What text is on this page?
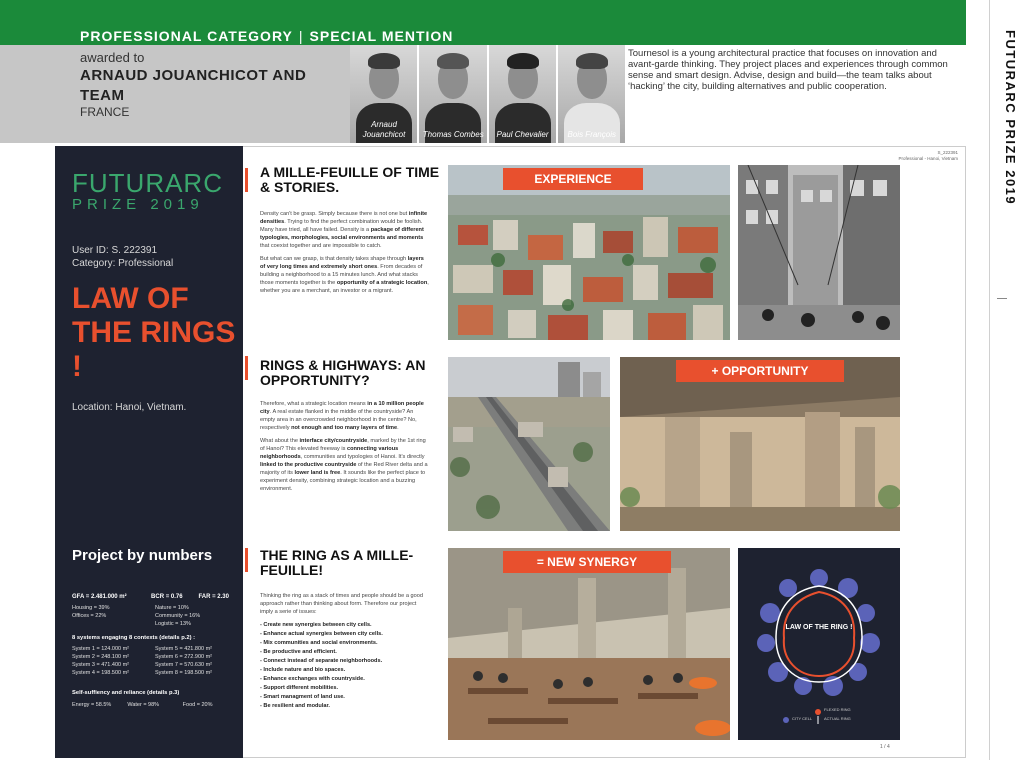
PROFESSIONAL CATEGORY | SPECIAL MENTION
awarded to
ARNAUD JOUANCHICOT AND TEAM
FRANCE
Arnaud Jouanchicot	Thomas Combes	Paul Chevalier	Bois François
Tournesol is a young architectural practice that focuses on innovation and avant-garde thinking. They project places and experiences through common sense and smart design. Advise, design and build—the team talks about ‘hacking’ the city, building alternatives and public cooperation.	FUTURARC PRIZE 2019
FUTURARC
PRIZE 2019
User ID: S. 222391
Category: Professional
LAW OF THE RINGS !
Location: Hanoi, Vietnam.
Project by numbers
GFA = 2.481.000 m²	BCR = 0.76	FAR = 2.30
Housing = 39%	Nature = 10%
Offices = 22%	Community = 16%
Logistic = 13%
8 systems engaging 8 contexts (details p.2) :
System 1 = 124.000 m²	System 5 = 421.800 m²
System 2 = 248.100 m²	System 6 = 272.900 m²
System 3 = 471.400 m²	System 7 = 570.630 m²
System 4 = 198.500 m²	System 8 = 198.500 m²
Self-suffiency and reliance (details p.3)
Energy = 58.5%	Water = 98%	Food = 20%
A MILLE-FEUILLE OF TIME & STORIES.

Density can't be grasp. Simply because there is not one but infinite densities. Trying to find the perfect combination would be foolish. Many have tried, all have failed. Density is a package of different typologies, morphologies, social environments and moments that coexist together and are impossible to catch.

But what can we grasp, is that density takes shape through layers of very long times and extremely short ones. From decades of building a neighborhood to a 15 minutes lunch. And what stacks those moments together is the opportunity of a strategic location, whether you are a merchant, an investor or a migrant.

RINGS & HIGHWAYS: AN OPPORTUNITY?

Therefore, what a strategic location means in a 10 million people city. A real estate flanked in the middle of the countryside? An empty area in an overcrowded neighborhood in the centre? No, respectively not enough and too many layers of time.

What about the interface city/countryside, marked by the 1st ring of Hanoi? This elevated freeway is connecting various neighborhoods, communities and typologies of Hanoi. It's directly linked to the productive countryside of the Red River delta and a majority of its lower land is free. It sounds like the perfect place to experiment density, combining strategic location and a buzzing environment.

THE RING AS A MILLE-FEUILLE!

Thinking the ring as a stack of times and people should be a good approach rather than thinking about form. Therefore our project imply a serie of issues:

- Create new synergies between city cells.
- Enhance actual synergies between city cells.
- Mix communities and social environments.
- Be productive and efficient.
- Connect instead of separate neighborhoods.
- Include nature and bio spaces.
- Enhance exchanges with countryside.
- Support different mobilities.
- Smart managment of land use.
- Be resilient and modular.
EXPERIENCE
S_222391
Professional - Hanoi, Vietnam
+ OPPORTUNITY
= NEW SYNERGY
LAW OF THE RING !
FLEXED RING
CITY CELL	ACTUAL RING
1 / 4
